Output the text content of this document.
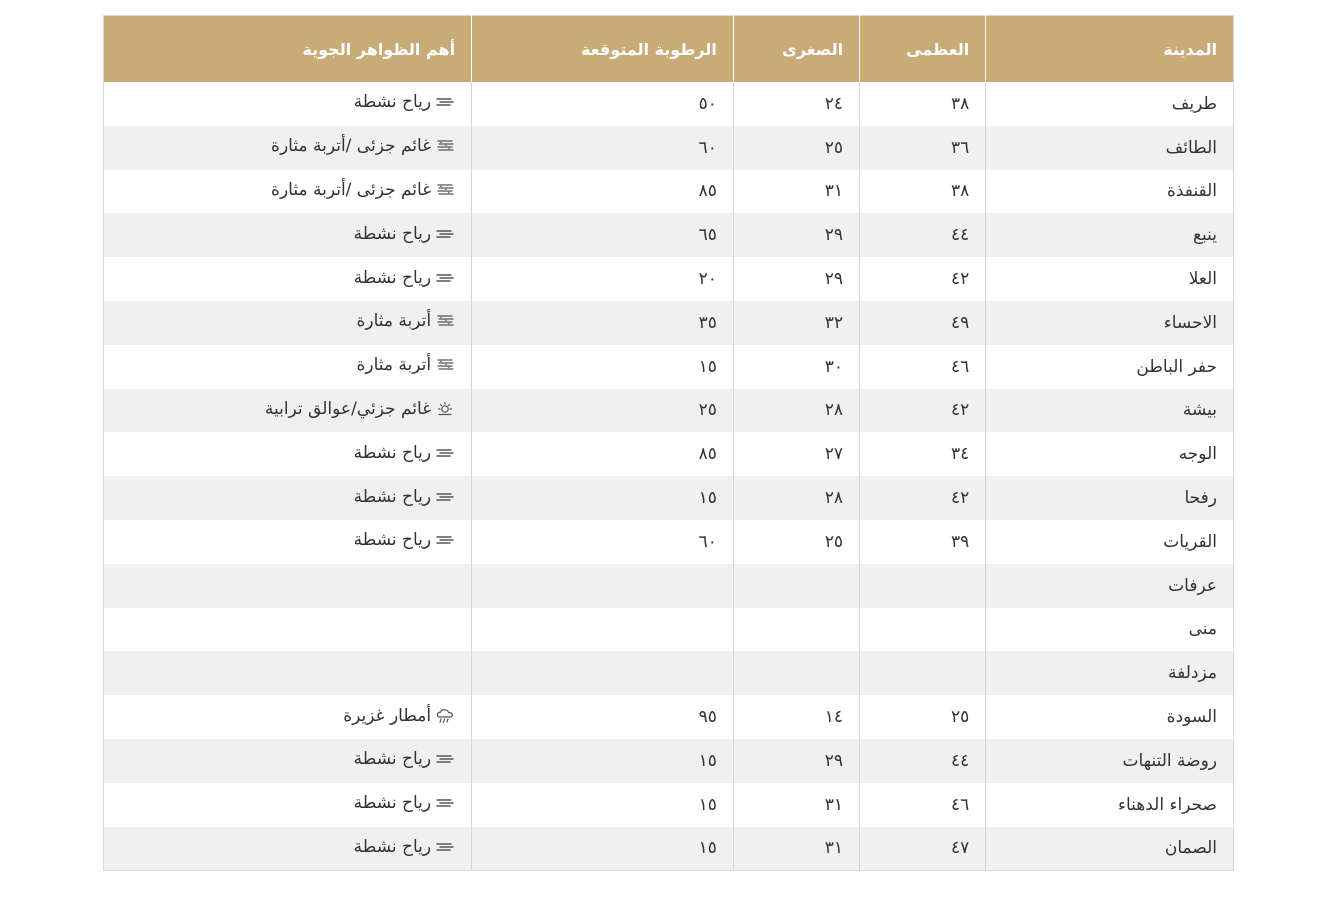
المدينة	العظمى	الصغرى	الرطوبة المتوقعة	أهم الظواهر الجوية
طريف	٣٨	٢٤	٥٠	رياح نشطة

الطائف	٣٦	٢٥	٦٠	غائم جزئى /أتربة مثارة

القنفذة	٣٨	٣١	٨٥	غائم جزئى /أتربة مثارة

ينبع	٤٤	٢٩	٦٥	رياح نشطة

العلا	٤٢	٢٩	٢٠	رياح نشطة

الاحساء	٤٩	٣٢	٣٥	أتربة مثارة

حفر الباطن	٤٦	٣٠	١٥	أتربة مثارة

بيشة	٤٢	٢٨	٢٥	غائم جزئي/عوالق ترابية

الوجه	٣٤	٢٧	٨٥	رياح نشطة

رفحا	٤٢	٢٨	١٥	رياح نشطة

القريات	٣٩	٢٥	٦٠	رياح نشطة

عرفات				
منى				
مزدلفة				
السودة	٢٥	١٤	٩٥	أمطار غزيرة

روضة التنهات	٤٤	٢٩	١٥	رياح نشطة

صحراء الدهناء	٤٦	٣١	١٥	رياح نشطة

الصمان	٤٧	٣١	١٥	رياح نشطة
